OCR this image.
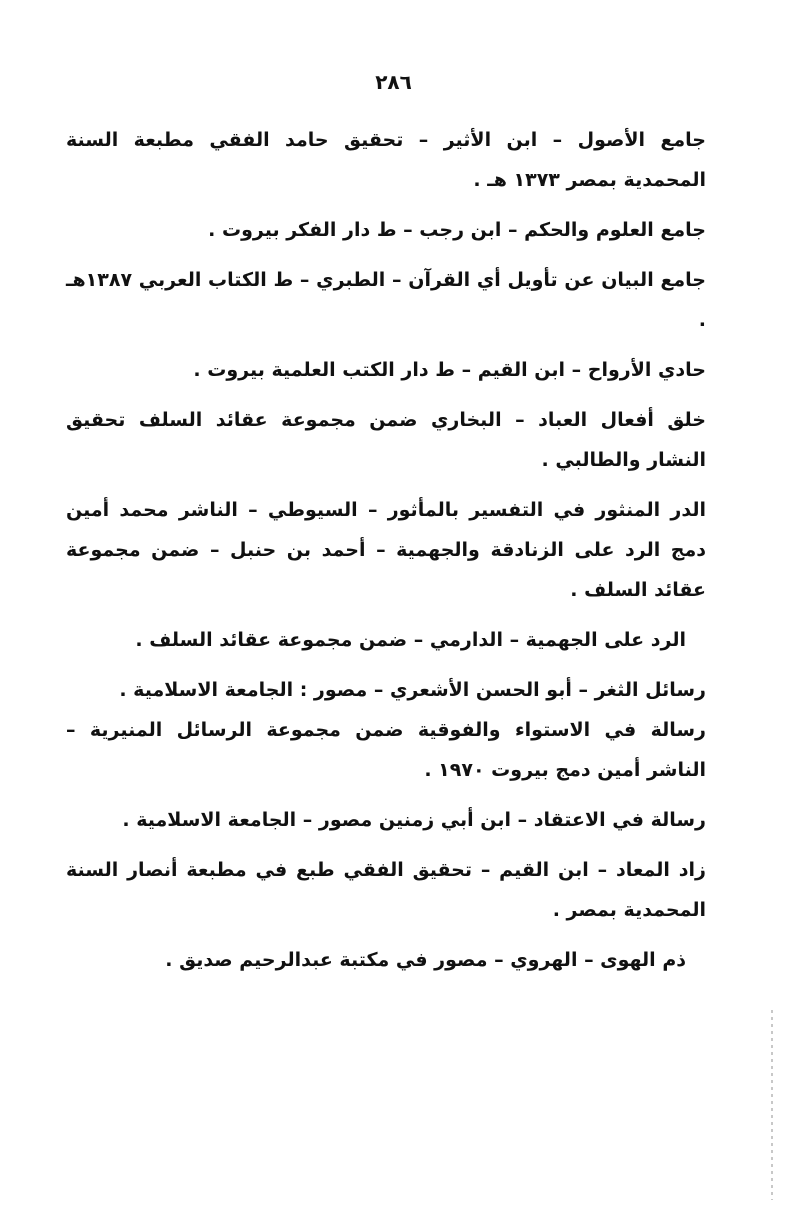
٢٨٦

جامع الأصول – ابن الأثير – تحقيق حامد الفقي مطبعة السنة المحمدية بمصر ١٣٧٣ هـ .

جامع العلوم والحكم – ابن رجب – ط دار الفكر بيروت .

جامع البيان عن تأويل أي القرآن – الطبري – ط الكتاب العربي ١٣٨٧هـ .

حادي الأرواح – ابن القيم – ط دار الكتب العلمية بيروت .

خلق أفعال العباد – البخاري ضمن مجموعة عقائد السلف تحقيق النشار والطالبي .

الدر المنثور في التفسير بالمأثور – السيوطي – الناشر محمد أمين دمج الرد على الزنادقة والجهمية – أحمد بن حنبل – ضمن مجموعة عقائد السلف .

الرد على الجهمية – الدارمي – ضمن مجموعة عقائد السلف .

رسائل الثغر – أبو الحسن الأشعري – مصور : الجامعة الاسلامية .

رسالة في الاستواء والفوقية ضمن مجموعة الرسائل المنيرية – الناشر أمين دمج بيروت ١٩٧٠ .

رسالة في الاعتقاد – ابن أبي زمنين مصور – الجامعة الاسلامية .

زاد المعاد – ابن القيم – تحقيق الفقي طبع في مطبعة أنصار السنة المحمدية بمصر .

ذم الهوى – الهروي – مصور في مكتبة عبدالرحيم صديق .
